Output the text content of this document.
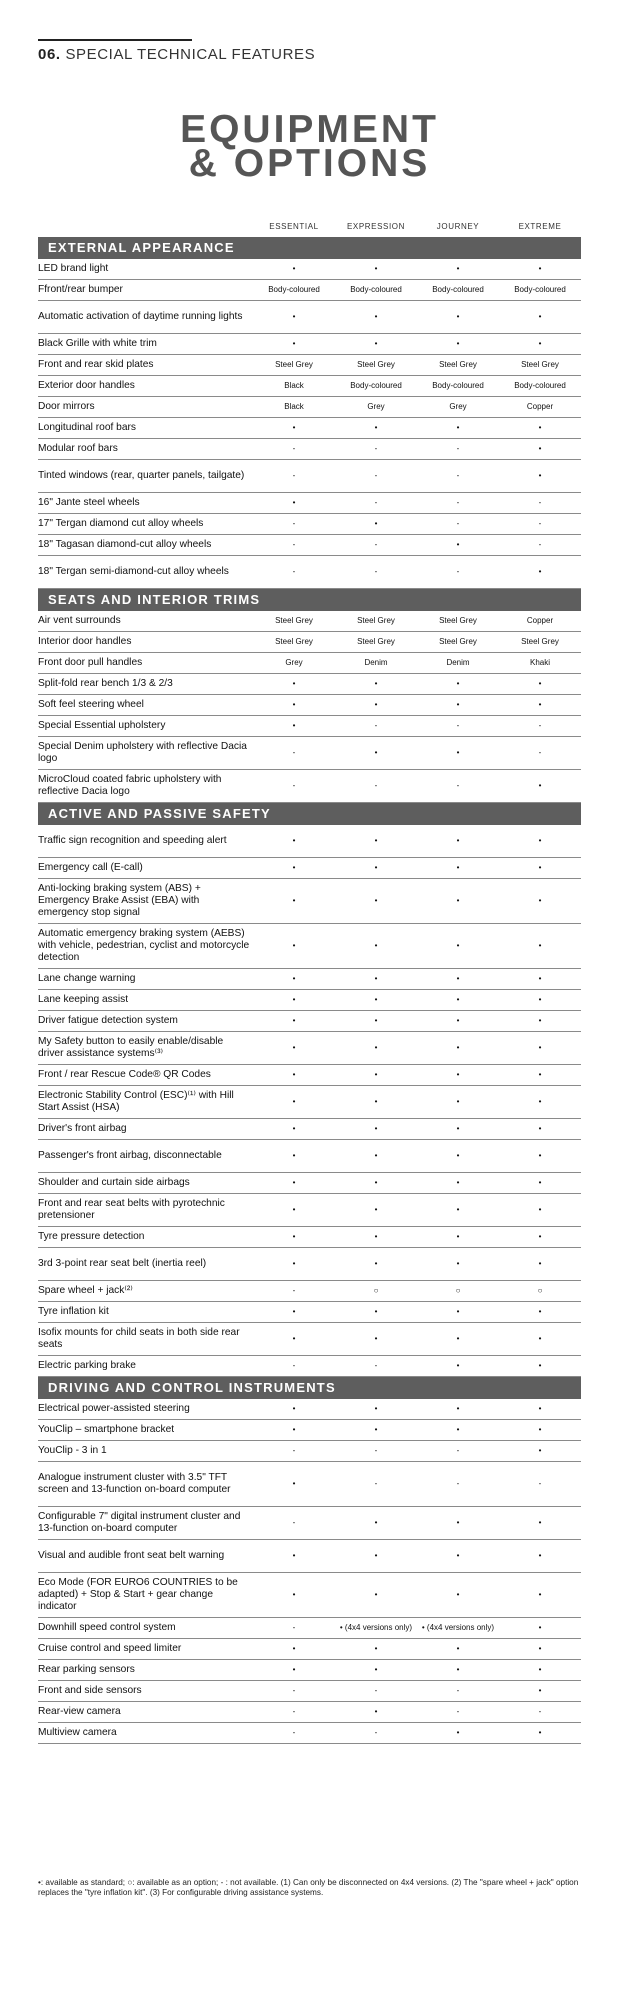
06. SPECIAL TECHNICAL FEATURES
EQUIPMENT
& OPTIONS
ESSENTIAL	EXPRESSION	JOURNEY	EXTREME
EXTERNAL APPEARANCE
LED brand light	•	•	•	•
Ffront/rear bumper	Body-coloured	Body-coloured	Body-coloured	Body-coloured
Automatic activation of daytime running lights	•	•	•	•
Black Grille with white trim	•	•	•	•
Front and rear skid plates	Steel Grey	Steel Grey	Steel Grey	Steel Grey
Exterior door handles	Black	Body-coloured	Body-coloured	Body-coloured
Door mirrors	Black	Grey	Grey	Copper
Longitudinal roof bars	•	•	•	•
Modular roof bars	-	-	-	•
Tinted windows (rear, quarter panels, tailgate)	-	-	-	•
16" Jante steel wheels	•	-	-	-
17" Tergan diamond cut alloy wheels	-	•	-	-
18" Tagasan diamond-cut alloy wheels	-	-	•	-
18" Tergan semi-diamond-cut alloy wheels	-	-	-	•
SEATS AND INTERIOR TRIMS
Air vent surrounds	Steel Grey	Steel Grey	Steel Grey	Copper
Interior door handles	Steel Grey	Steel Grey	Steel Grey	Steel Grey
Front door pull handles	Grey	Denim	Denim	Khaki
Split-fold rear bench 1/3 & 2/3	•	•	•	•
Soft feel steering wheel	•	•	•	•
Special Essential upholstery	•	-	-	-
Special Denim upholstery with reflective Dacia logo
-	•	•	-
MicroCloud coated fabric upholstery with reflective Dacia logo
-	-	-	•
ACTIVE AND PASSIVE SAFETY
Traffic sign recognition and speeding alert	•	•	•	•
Emergency call (E-call)	•	•	•	•
Anti-locking braking system (ABS) + Emergency Brake Assist (EBA) with emergency stop signal
•	•	•	•
Automatic emergency braking system (AEBS) with vehicle, pedestrian, cyclist and motorcycle detection
•	•	•	•
Lane change warning	•	•	•	•
Lane keeping assist	•	•	•	•
Driver fatigue detection system	•	•	•	•
My Safety button to easily enable/disable driver assistance systems⁽³⁾
•	•	•	•
Front / rear Rescue Code® QR Codes	•	•	•	•
Electronic Stability Control (ESC)⁽¹⁾ with Hill Start Assist (HSA)
•	•	•	•
Driver's front airbag	•	•	•	•
Passenger's front airbag, disconnectable	•	•	•	•
Shoulder and curtain side airbags	•	•	•	•
Front and rear seat belts with pyrotechnic pretensioner
•	•	•	•
Tyre pressure detection	•	•	•	•
3rd 3-point rear seat belt (inertia reel)	•	•	•	•
Spare wheel + jack⁽²⁾	-	○	○	○
Tyre inflation kit	•	•	•	•
Isofix mounts for child seats in both side rear seats
•	•	•	•
Electric parking brake	-	-	•	•
DRIVING AND CONTROL INSTRUMENTS
Electrical power-assisted steering	•	•	•	•
YouClip – smartphone bracket	•	•	•	•
YouClip - 3 in 1	-	-	-	•
Analogue instrument cluster with 3.5" TFT screen and 13-function on-board computer
•	-	-	-
Configurable 7" digital instrument cluster and 13-function on-board computer
-	•	•	•
Visual and audible front seat belt warning	•	•	•	•
Eco Mode (FOR EURO6 COUNTRIES to be adapted) + Stop & Start + gear change indicator
•	•	•	•
Downhill speed control system	-	• (4x4 versions only)	• (4x4 versions only)	•
Cruise control and speed limiter	•	•	•	•
Rear parking sensors	•	•	•	•
Front and side sensors	-	-	-	•
Rear-view camera	-	•	-	-
Multiview camera	-	-	•	•
•: available as standard; ○: available as an option; - : not available. (1) Can only be disconnected on 4x4 versions. (2) The "spare wheel + jack" option replaces the "tyre inflation kit". (3) For configurable driving assistance systems.
